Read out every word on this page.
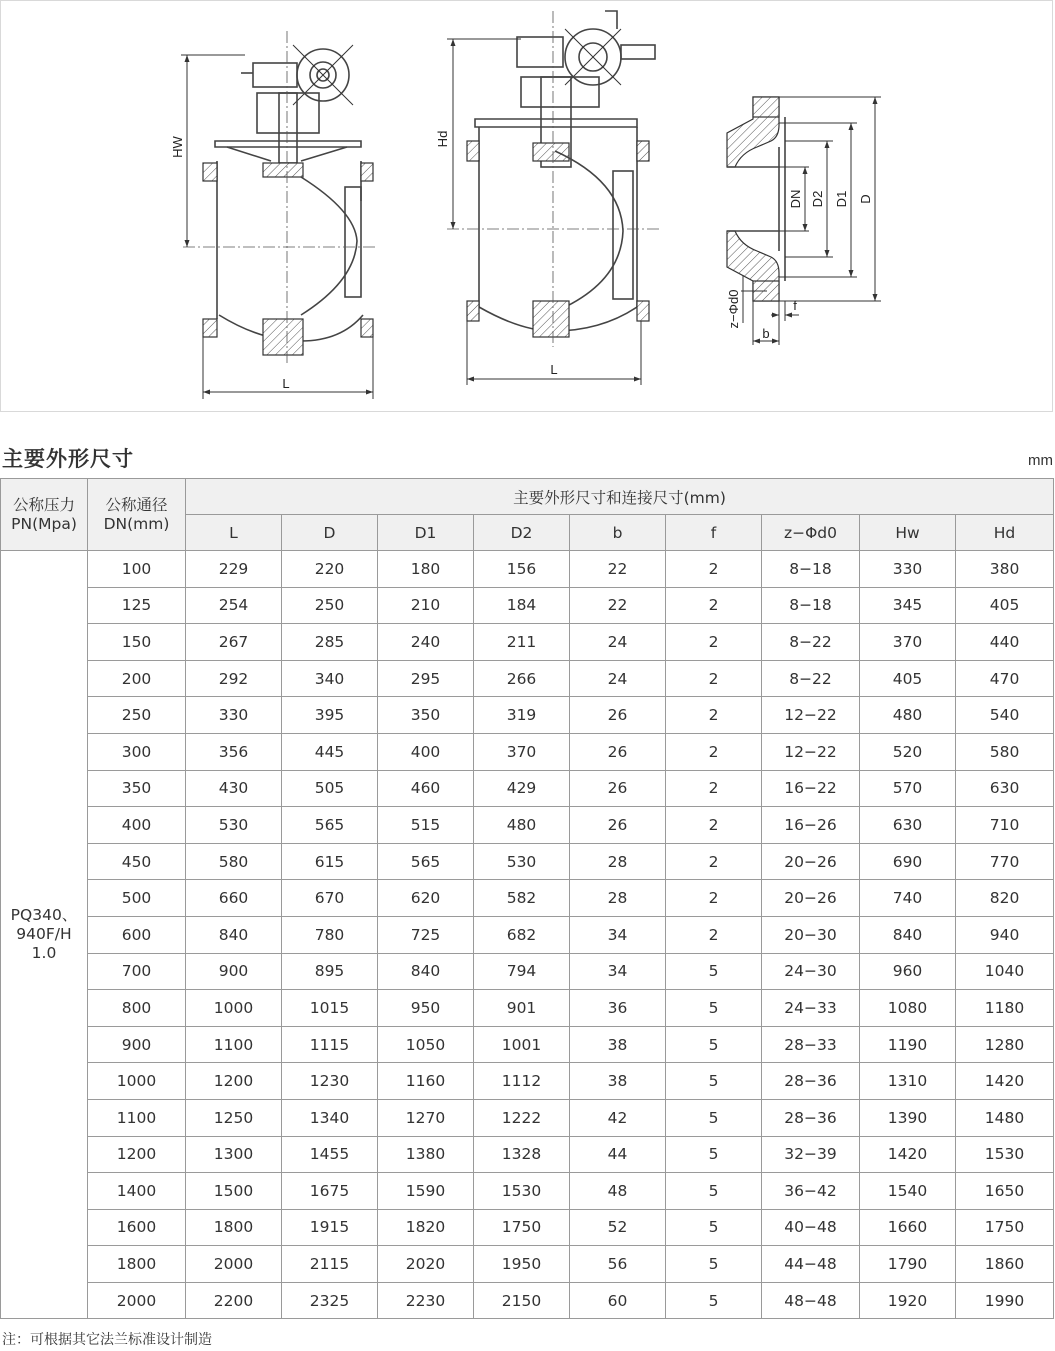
HW
L
Hd
L
DN D2 D1 D
b
f
z−Φd0
主要外形尺寸	mm
公称压力
PN(Mpa)	公称通径
DN(mm)	主要外形尺寸和连接尺寸(mm)								
		L	D	D1	D2	b	f	z−Φd0	Hw	Hd
PQ340、
940F/H
1.0	100	229	220	180	156	22	2	8−18	330	380
	125	254	250	210	184	22	2	8−18	345	405
	150	267	285	240	211	24	2	8−22	370	440
	200	292	340	295	266	24	2	8−22	405	470
	250	330	395	350	319	26	2	12−22	480	540
	300	356	445	400	370	26	2	12−22	520	580
	350	430	505	460	429	26	2	16−22	570	630
	400	530	565	515	480	26	2	16−26	630	710
	450	580	615	565	530	28	2	20−26	690	770
	500	660	670	620	582	28	2	20−26	740	820
	600	840	780	725	682	34	2	20−30	840	940
	700	900	895	840	794	34	5	24−30	960	1040
	800	1000	1015	950	901	36	5	24−33	1080	1180
	900	1100	1115	1050	1001	38	5	28−33	1190	1280
	1000	1200	1230	1160	1112	38	5	28−36	1310	1420
	1100	1250	1340	1270	1222	42	5	28−36	1390	1480
	1200	1300	1455	1380	1328	44	5	32−39	1420	1530
	1400	1500	1675	1590	1530	48	5	36−42	1540	1650
	1600	1800	1915	1820	1750	52	5	40−48	1660	1750
	1800	2000	2115	2020	1950	56	5	44−48	1790	1860
	2000	2200	2325	2230	2150	60	5	48−48	1920	1990
注：可根据其它法兰标准设计制造
